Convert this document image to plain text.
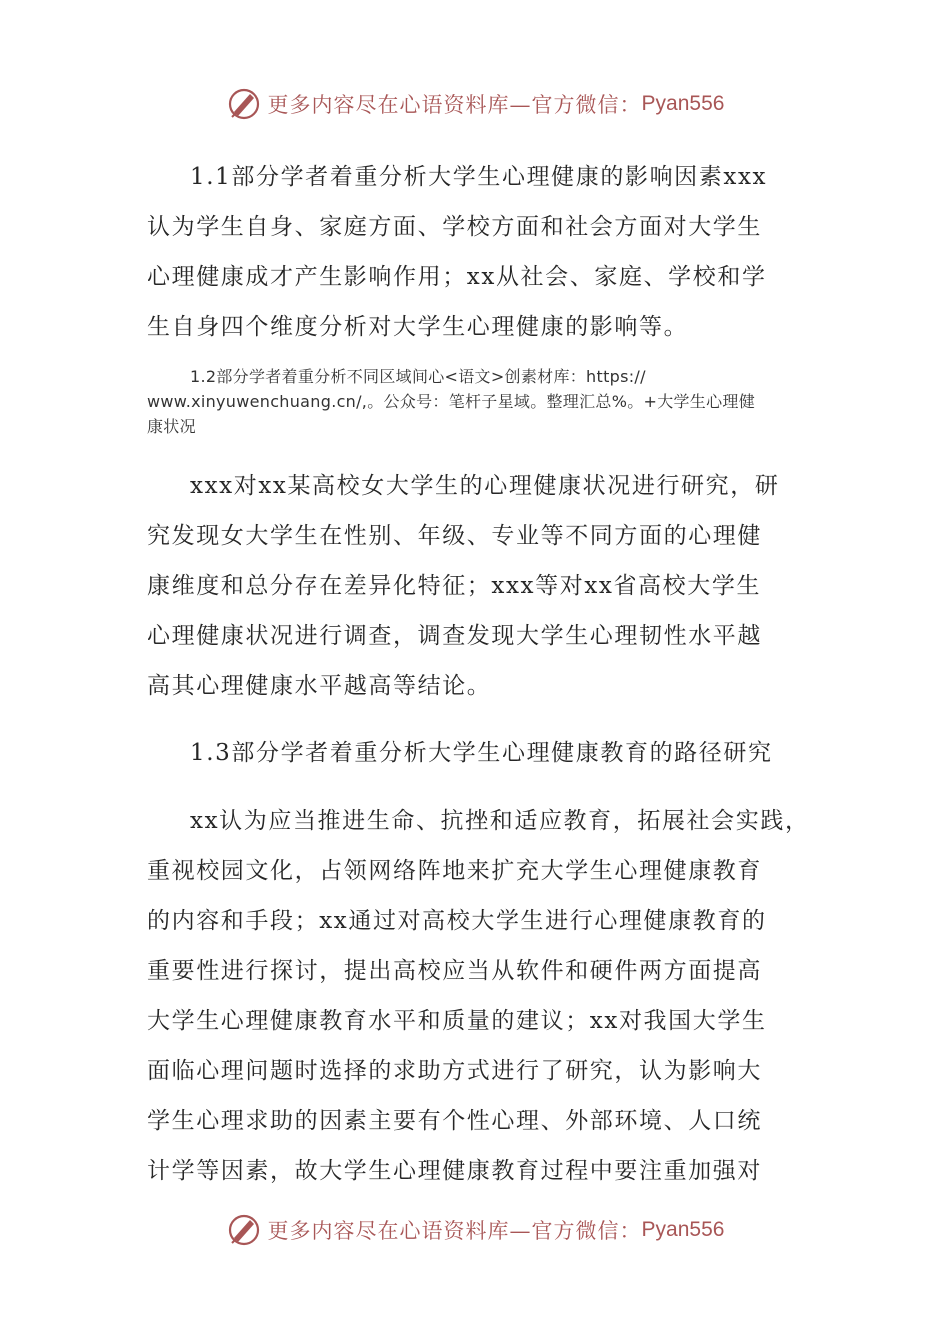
更多内容尽在心语资料库—官方微信： Pyan556
1.1部分学者着重分析大学生心理健康的影响因素xxx
认为学生自身、家庭方面、学校方面和社会方面对大学生
心理健康成才产生影响作用；xx从社会、家庭、学校和学
生自身四个维度分析对大学生心理健康的影响等。
1.2部分学者着重分析不同区域间心<语文>创素材库：https://
www.xinyuwenchuang.cn/,。公众号：笔杆子星域。整理汇总%。+大学生心理健
康状况
xxx对xx某高校女大学生的心理健康状况进行研究，研
究发现女大学生在性别、年级、专业等不同方面的心理健
康维度和总分存在差异化特征；xxx等对xx省高校大学生
心理健康状况进行调查，调查发现大学生心理韧性水平越
高其心理健康水平越高等结论。
1.3部分学者着重分析大学生心理健康教育的路径研究
xx认为应当推进生命、抗挫和适应教育，拓展社会实践，
重视校园文化，占领网络阵地来扩充大学生心理健康教育
的内容和手段；xx通过对高校大学生进行心理健康教育的
重要性进行探讨，提出高校应当从软件和硬件两方面提高
大学生心理健康教育水平和质量的建议；xx对我国大学生
面临心理问题时选择的求助方式进行了研究，认为影响大
学生心理求助的因素主要有个性心理、外部环境、人口统
计学等因素，故大学生心理健康教育过程中要注重加强对
更多内容尽在心语资料库—官方微信： Pyan556
